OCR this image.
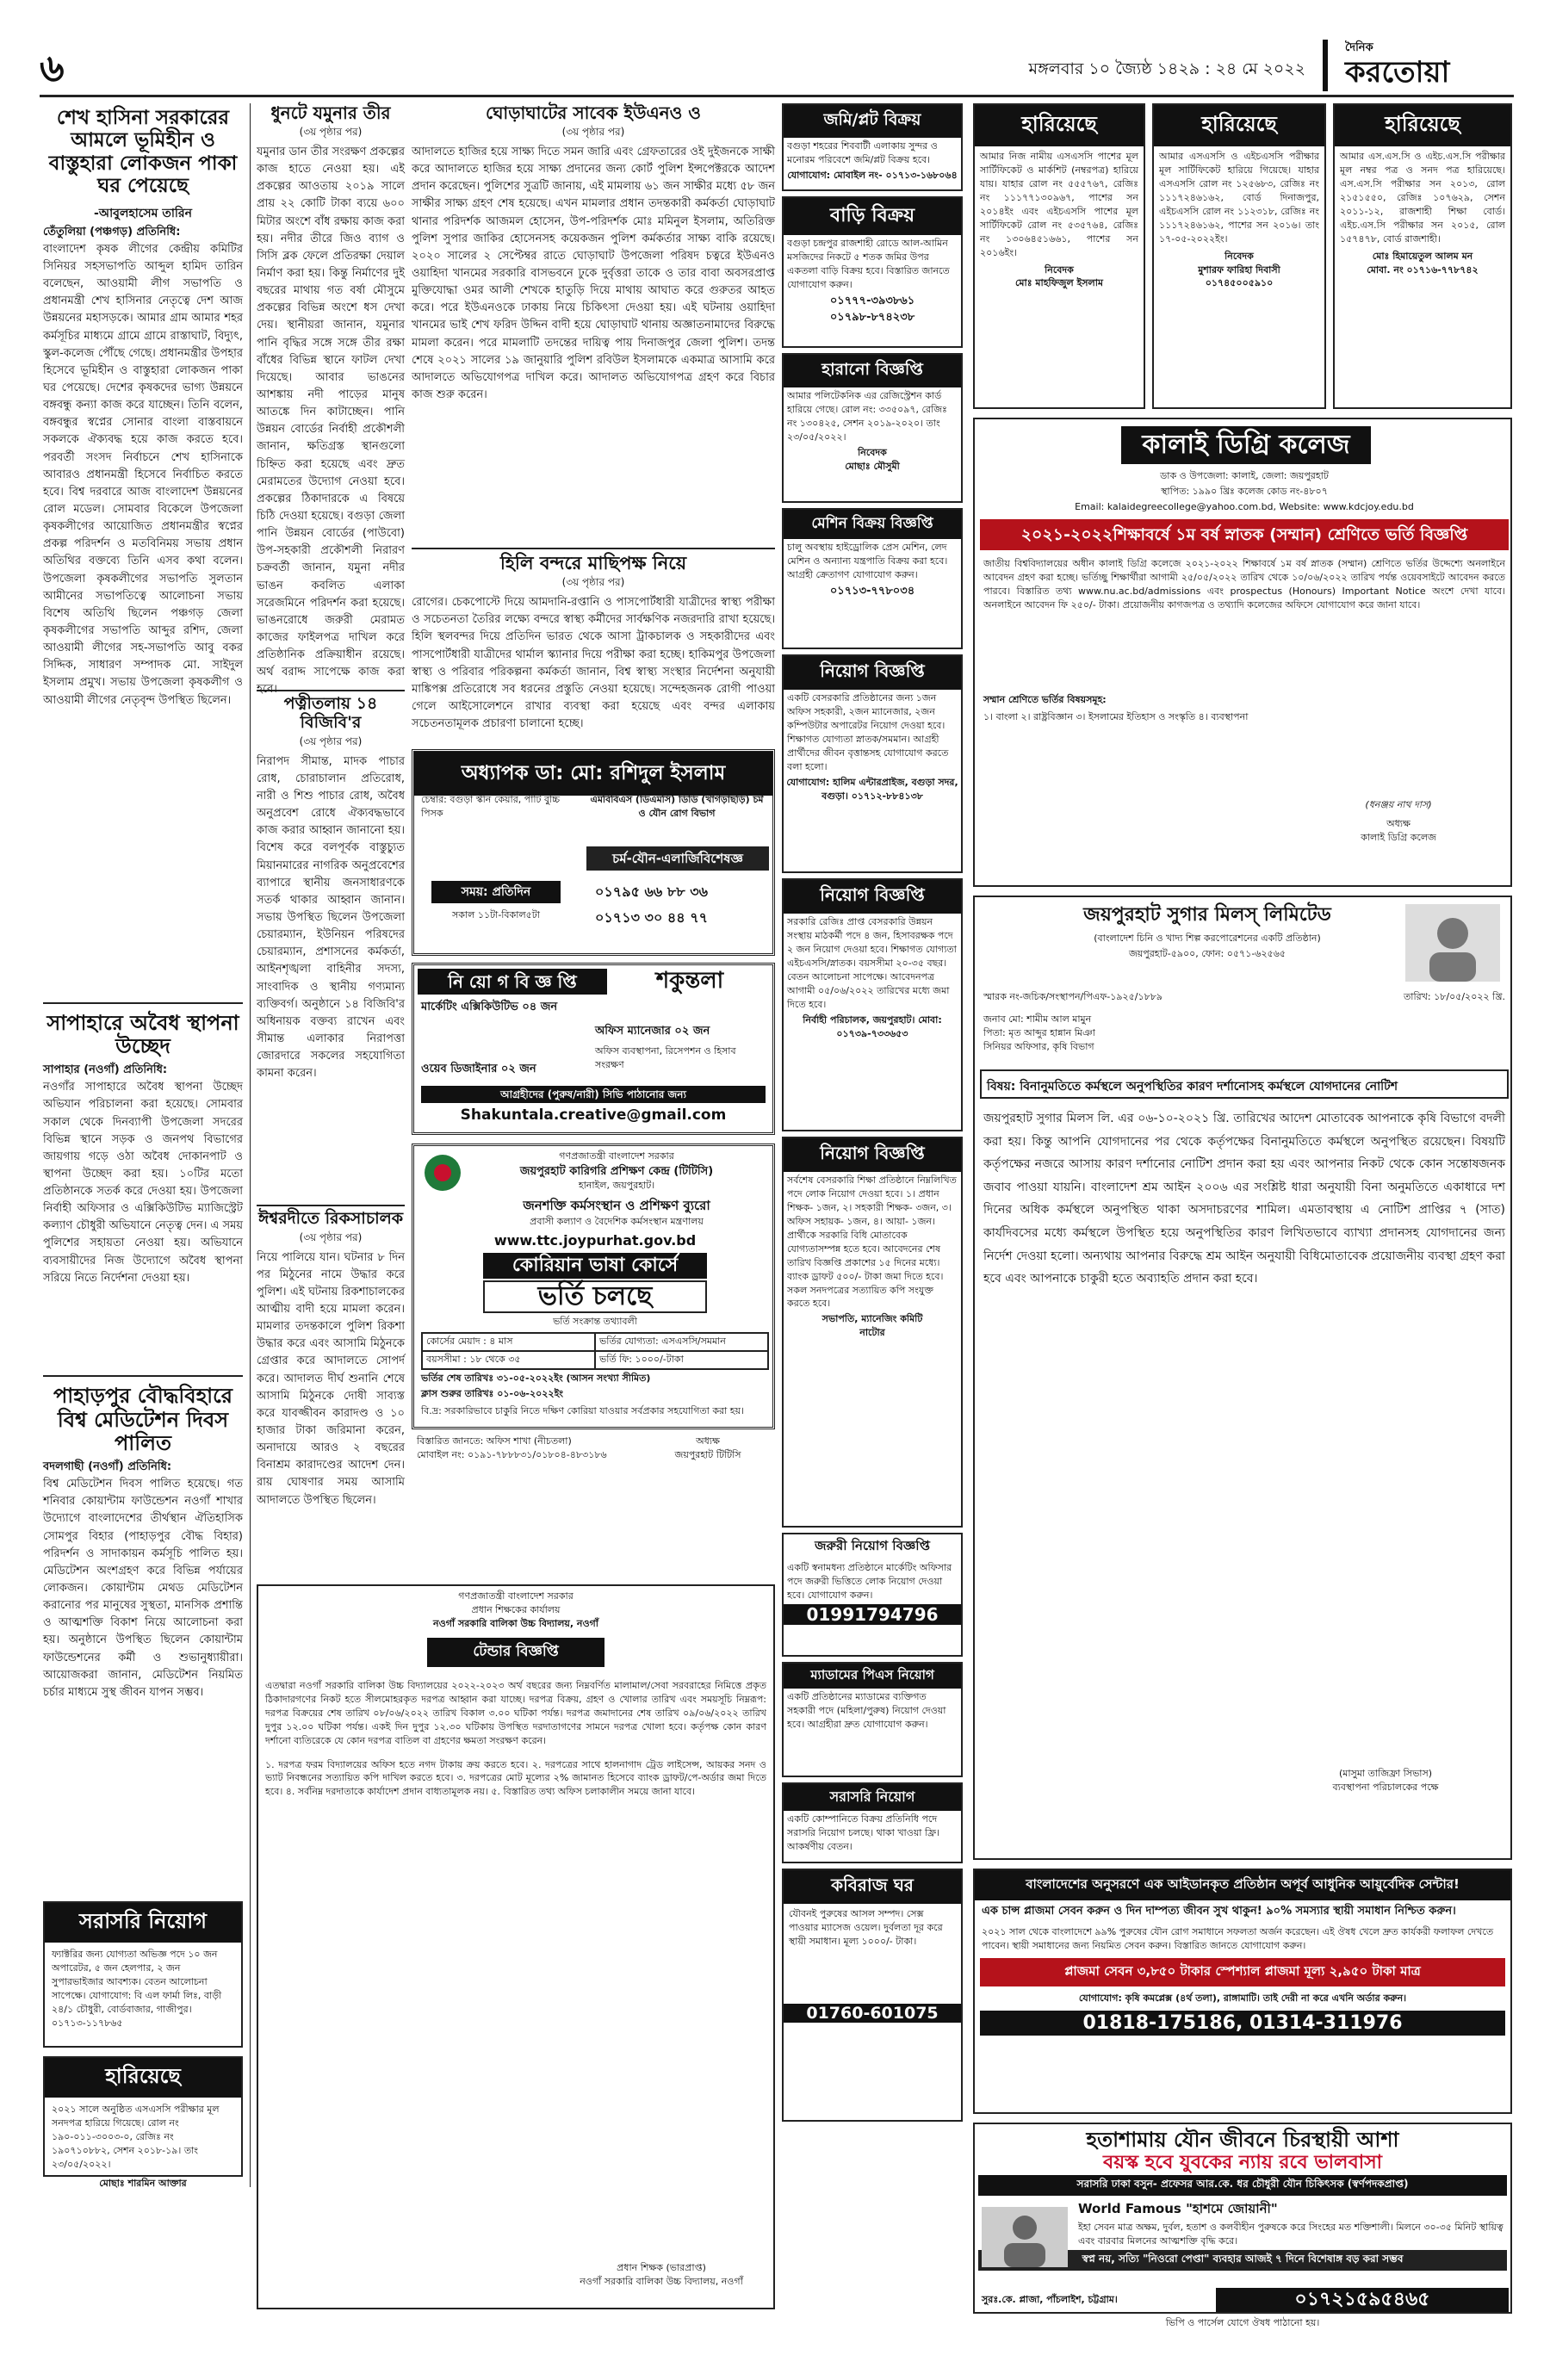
৬	মঙ্গলবার ১০ জ্যৈষ্ঠ ১৪২৯ : ২৪ মে ২০২২
দৈনিক
করতোয়া
শেখ হাসিনা সরকারের আমলে ভূমিহীন ও বাস্তুহারা লোকজন পাকা ঘর পেয়েছে
-আবুলহাসেম তারিন
তেঁতুলিয়া (পঞ্চগড়) প্রতিনিধি:
বাংলাদেশ কৃষক লীগের কেন্দ্রীয় কমিটির সিনিয়র সহসভাপতি আব্দুল হামিদ তারিন বলেছেন, আওয়ামী লীগ সভাপতি ও প্রধানমন্ত্রী শেখ হাসিনার নেতৃত্বে দেশ আজ উন্নয়নের মহাসড়কে। আমার গ্রাম আমার শহর কর্মসূচির মাধ্যমে গ্রামে গ্রামে রাস্তাঘাট, বিদ্যুৎ, স্কুল-কলেজ পৌঁছে গেছে। প্রধানমন্ত্রীর উপহার হিসেবে ভূমিহীন ও বাস্তুহারা লোকজন পাকা ঘর পেয়েছে। দেশের কৃষকদের ভাগ্য উন্নয়নে বঙ্গবন্ধু কন্যা কাজ করে যাচ্ছেন। তিনি বলেন, বঙ্গবন্ধুর স্বপ্নের সোনার বাংলা বাস্তবায়নে সকলকে ঐক্যবদ্ধ হয়ে কাজ করতে হবে। পরবর্তী সংসদ নির্বাচনে শেখ হাসিনাকে আবারও প্রধানমন্ত্রী হিসেবে নির্বাচিত করতে হবে। বিশ্ব দরবারে আজ বাংলাদেশ উন্নয়নের রোল মডেল। সোমবার বিকেলে উপজেলা কৃষকলীগের আয়োজিত প্রধানমন্ত্রীর স্বপ্নের প্রকল্প পরিদর্শন ও মতবিনিময় সভায় প্রধান অতিথির বক্তব্যে তিনি এসব কথা বলেন। উপজেলা কৃষকলীগের সভাপতি সুলতান আমীনের সভাপতিত্বে আলোচনা সভায় বিশেষ অতিথি ছিলেন পঞ্চগড় জেলা কৃষকলীগের সভাপতি আব্দুর রশিদ, জেলা আওয়ামী লীগের সহ-সভাপতি আবু বকর সিদ্দিক, সাধারণ সম্পাদক মো. সাইদুল ইসলাম প্রমুখ। সভায় উপজেলা কৃষকলীগ ও আওয়ামী লীগের নেতৃবৃন্দ উপস্থিত ছিলেন।
সাপাহারে অবৈধ স্থাপনা উচ্ছেদ
সাপাহার (নওগাঁ) প্রতিনিধি:
নওগাঁর সাপাহারে অবৈধ স্থাপনা উচ্ছেদ অভিযান পরিচালনা করা হয়েছে। সোমবার সকাল থেকে দিনব্যাপী উপজেলা সদরের বিভিন্ন স্থানে সড়ক ও জনপথ বিভাগের জায়গায় গড়ে ওঠা অবৈধ দোকানপাট ও স্থাপনা উচ্ছেদ করা হয়। ১০টির মতো প্রতিষ্ঠানকে সতর্ক করে দেওয়া হয়। উপজেলা নির্বাহী অফিসার ও এক্সিকিউটিভ ম্যাজিস্ট্রেট কল্যাণ চৌধুরী অভিযানে নেতৃত্ব দেন। এ সময় পুলিশের সহায়তা নেওয়া হয়। অভিযানে ব্যবসায়ীদের নিজ উদ্যোগে অবৈধ স্থাপনা সরিয়ে নিতে নির্দেশনা দেওয়া হয়।
পাহাড়পুর বৌদ্ধবিহারে বিশ্ব মেডিটেশন দিবস পালিত
বদলগাছী (নওগাঁ) প্রতিনিধি:
বিশ্ব মেডিটেশন দিবস পালিত হয়েছে। গত শনিবার কোয়ান্টাম ফাউন্ডেশন নওগাঁ শাখার উদ্যোগে বাংলাদেশের তীর্থস্থান ঐতিহাসিক সোমপুর বিহার (পাহাড়পুর বৌদ্ধ বিহার) পরিদর্শন ও সাদাকায়ন কর্মসূচি পালিত হয়। মেডিটেশন অংশগ্রহণ করে বিভিন্ন পর্যায়ের লোকজন। কোয়ান্টাম মেথড মেডিটেশন করানোর পর মানুষের সুস্থতা, মানসিক প্রশান্তি ও আত্মশক্তি বিকাশ নিয়ে আলোচনা করা হয়। অনুষ্ঠানে উপস্থিত ছিলেন কোয়ান্টাম ফাউন্ডেশনের কর্মী ও শুভানুধ্যায়ীরা। আয়োজকরা জানান, মেডিটেশন নিয়মিত চর্চার মাধ্যমে সুস্থ জীবন যাপন সম্ভব।
সরাসরি নিয়োগ
ফ্যাক্টরির জন্য যোগ্যতা অভিজ্ঞ পদে ১০ জন অপারেটর, ৫ জন হেলপার, ২ জন সুপারভাইজার আবশ্যক। বেতন আলোচনা সাপেক্ষে। যোগাযোগ: বি এল ফার্মা লিঃ, বাড়ী ২৪/১ চৌধুরী, বোর্ডবাজার, গাজীপুর। ০১৭১৩-১১৭৮৬৫
হারিয়েছে
২০২১ সালে অনুষ্ঠিত এসএসসি পরীক্ষার মূল সনদপত্র হারিয়ে গিয়েছে। রোল নং ১৯০-০১১-৩০০৩-০, রেজিঃ নং ১৯০৭১০৮৮২, সেশন ২০১৮-১৯। তাং ২৩/০৫/২০২২।
মোছাঃ শারমিন আক্তার
ধুনটে যমুনার তীর
(৩য় পৃষ্ঠার পর)
যমুনার ডান তীর সংরক্ষণ প্রকল্পের কাজ হাতে নেওয়া হয়। এই প্রকল্পের আওতায় ২০১৯ সালে প্রায় ২২ কোটি টাকা ব্যয়ে ৬০০ মিটার অংশে বাঁধ রক্ষায় কাজ করা হয়। নদীর তীরে জিও ব্যাগ ও সিসি ব্লক ফেলে প্রতিরক্ষা দেয়াল নির্মাণ করা হয়। কিন্তু নির্মাণের দুই বছরের মাথায় গত বর্ষা মৌসুমে প্রকল্পের বিভিন্ন অংশে ধস দেখা দেয়। স্থানীয়রা জানান, যমুনার পানি বৃদ্ধির সঙ্গে সঙ্গে তীর রক্ষা বাঁধের বিভিন্ন স্থানে ফাটল দেখা দিয়েছে। আবার ভাঙনের আশঙ্কায় নদী পাড়ের মানুষ আতঙ্কে দিন কাটাচ্ছেন। পানি উন্নয়ন বোর্ডের নির্বাহী প্রকৌশলী জানান, ক্ষতিগ্রস্ত স্থানগুলো চিহ্নিত করা হয়েছে এবং দ্রুত মেরামতের উদ্যোগ নেওয়া হবে। প্রকল্পের ঠিকাদারকে এ বিষয়ে চিঠি দেওয়া হয়েছে। বগুড়া জেলা পানি উন্নয়ন বোর্ডের (পাউবো) উপ-সহকারী প্রকৌশলী নিরারণ চক্রবর্তী জানান, যমুনা নদীর ভাঙন কবলিত এলাকা সরেজমিনে পরিদর্শন করা হয়েছে। ভাঙনরোধে জরুরী মেরামত কাজের ফাইলপত্র দাখিল করে প্রতিষ্ঠানিক প্রক্রিয়াধীন রয়েছে। অর্থ বরাদ্দ সাপেক্ষে কাজ করা হবে।
পত্নীতলায় ১৪ বিজিবি'র
(৩য় পৃষ্ঠার পর)
নিরাপদ সীমান্ত, মাদক পাচার রোধ, চোরাচালান প্রতিরোধ, নারী ও শিশু পাচার রোধ, অবৈধ অনুপ্রবেশ রোধে ঐক্যবদ্ধভাবে কাজ করার আহ্বান জানানো হয়। বিশেষ করে বলপূর্বক বাস্তুচ্যুত মিয়ানমারের নাগরিক অনুপ্রবেশের ব্যাপারে স্থানীয় জনসাধারণকে সতর্ক থাকার আহ্বান জানান। সভায় উপস্থিত ছিলেন উপজেলা চেয়ারম্যান, ইউনিয়ন পরিষদের চেয়ারম্যান, প্রশাসনের কর্মকর্তা, আইনশৃঙ্খলা বাহিনীর সদস্য, সাংবাদিক ও স্থানীয় গণ্যমান্য ব্যক্তিবর্গ। অনুষ্ঠানে ১৪ বিজিবি'র অধিনায়ক বক্তব্য রাখেন এবং সীমান্ত এলাকার নিরাপত্তা জোরদারে সকলের সহযোগিতা কামনা করেন।
ঈশ্বরদীতে রিকসাচালক
(৩য় পৃষ্ঠার পর)
নিয়ে পালিয়ে যান। ঘটনার ৮ দিন পর মিঠুনের নামে উদ্ধার করে পুলিশ। এই ঘটনায় রিকশাচালকের আত্মীয় বাদী হয়ে মামলা করেন। মামলার তদন্তকালে পুলিশ রিকশা উদ্ধার করে এবং আসামি মিঠুনকে গ্রেপ্তার করে আদালতে সোপর্দ করে। আদালত দীর্ঘ শুনানি শেষে আসামি মিঠুনকে দোষী সাব্যস্ত করে যাবজ্জীবন কারাদণ্ড ও ১০ হাজার টাকা জরিমানা করেন, অনাদায়ে আরও ২ বছরের বিনাশ্রম কারাদণ্ডের আদেশ দেন। রায় ঘোষণার সময় আসামি আদালতে উপস্থিত ছিলেন।
ঘোড়াঘাটের সাবেক ইউএনও ও
(৩য় পৃষ্ঠার পর)
আদালতে হাজির হয়ে সাক্ষ্য দিতে সমন জারি এবং গ্রেফতারের ওই দুইজনকে সাক্ষী করে আদালতে হাজির হয়ে সাক্ষ্য প্রদানের জন্য কোর্ট পুলিশ ইন্সপেক্টরকে আদেশ প্রদান করেছেন। পুলিশের সুত্রটি জানায়, এই মামলায় ৬১ জন সাক্ষীর মধ্যে ৫৮ জন সাক্ষীর সাক্ষ্য গ্রহণ শেষ হয়েছে। এখন মামলার প্রধান তদন্তকারী কর্মকর্তা ঘোড়াঘাট থানার পরিদর্শক আজমল হোসেন, উপ-পরিদর্শক মোঃ মমিনুল ইসলাম, অতিরিক্ত পুলিশ সুপার জাকির হোসেনসহ কয়েকজন পুলিশ কর্মকর্তার সাক্ষ্য বাকি রয়েছে। ২০২০ সালের ২ সেপ্টেম্বর রাতে ঘোড়াঘাট উপজেলা পরিষদ চত্বরে ইউএনও ওয়াহিদা খানমের সরকারি বাসভবনে ঢুকে দুর্বৃত্তরা তাকে ও তার বাবা অবসরপ্রাপ্ত মুক্তিযোদ্ধা ওমর আলী শেখকে হাতুড়ি দিয়ে মাথায় আঘাত করে গুরুতর আহত করে। পরে ইউএনওকে ঢাকায় নিয়ে চিকিৎসা দেওয়া হয়। এই ঘটনায় ওয়াহিদা খানমের ভাই শেখ ফরিদ উদ্দিন বাদী হয়ে ঘোড়াঘাট থানায় অজ্ঞাতনামাদের বিরুদ্ধে মামলা করেন। পরে মামলাটি তদন্তের দায়িত্ব পায় দিনাজপুর জেলা পুলিশ। তদন্ত শেষে ২০২১ সালের ১৯ জানুয়ারি পুলিশ রবিউল ইসলামকে একমাত্র আসামি করে আদালতে অভিযোগপত্র দাখিল করে। আদালত অভিযোগপত্র গ্রহণ করে বিচার কাজ শুরু করেন।
হিলি বন্দরে মাছিপক্ষ নিয়ে
(৩য় পৃষ্ঠার পর)
রোগের। চেকপোস্টে দিয়ে আমদানি-রপ্তানি ও পাসপোর্টধারী যাত্রীদের স্বাস্থ্য পরীক্ষা ও সচেতনতা তৈরির লক্ষ্যে বন্দরে স্বাস্থ্য কর্মীদের সার্বক্ষণিক নজরদারি রাখা হয়েছে। হিলি স্থলবন্দর দিয়ে প্রতিদিন ভারত থেকে আসা ট্রাকচালক ও সহকারীদের এবং পাসপোর্টধারী যাত্রীদের থার্মাল স্ক্যানার দিয়ে পরীক্ষা করা হচ্ছে। হাকিমপুর উপজেলা স্বাস্থ্য ও পরিবার পরিকল্পনা কর্মকর্তা জানান, বিশ্ব স্বাস্থ্য সংস্থার নির্দেশনা অনুযায়ী মাঙ্কিপক্স প্রতিরোধে সব ধরনের প্রস্তুতি নেওয়া হয়েছে। সন্দেহজনক রোগী পাওয়া গেলে আইসোলেশনে রাখার ব্যবস্থা করা হয়েছে এবং বন্দর এলাকায় সচেতনতামূলক প্রচারণা চালানো হচ্ছে।
অধ্যাপক ডা: মো: রশিদুল ইসলাম
এমবিবিএস (ডিএমসি) ডিডি (খাগড়াছড়ি) চর্ম ও যৌন রোগ বিভাগ
চেম্বার: বগুড়া স্কীন কেয়ার, পাটি বুচ্চি পিসক
চর্ম-যৌন-এলার্জিবিশেষজ্ঞ
সময়: প্রতিদিন
সকাল ১১টা-বিকাল৫টা
০১৭৯৫ ৬৬ ৮৮ ৩৬
০১৭১৩ ৩০ ৪৪ ৭৭
নি য়ো গ বি জ্ঞ প্তি	শকুন্তলা
মার্কেটিং এক্সিকিউটিভ ০৪ জন
অফিস ম্যানেজার ০২ জন
ওয়েব ডিজাইনার ০২ জন
অফিস ব্যবস্থাপনা, রিসেপশন ও হিসাব সংরক্ষণ
আগ্রহীদের (পুরুষ/নারী) সিভি পাঠানোর জন্য
Shakuntala.creative@gmail.com
গণপ্রজাতন্ত্রী বাংলাদেশ সরকার
জয়পুরহাট কারিগরি প্রশিক্ষণ কেন্দ্র (টিটিসি)
হানাইল, জয়পুরহাট।
জনশক্তি কর্মসংস্থান ও প্রশিক্ষণ ব্যুরো
প্রবাসী কল্যাণ ও বৈদেশিক কর্মসংস্থান মন্ত্রণালয়
www.ttc.joypurhat.gov.bd
কোরিয়ান ভাষা কোর্সে
ভর্তি চলছে
ভর্তি সংক্রান্ত তথ্যাবলী
কোর্সের মেয়াদ : ৪ মাস	ভর্তির যোগ্যতা: এসএসসি/সমমান
বয়সসীমা : ১৮ থেকে ৩৫	ভর্তি ফি: ১০০০/-টাকা
ভর্তির শেষ তারিখঃ ৩১-০৫-২০২২ইং (আসন সংখ্যা সীমিত)
ক্লাস শুরুর তারিখঃ ০১-০৬-২০২২ইং
বি.দ্র: সরকারিভাবে চাকুরি নিতে দক্ষিণ কোরিয়া যাওয়ার সর্বপ্রকার সহযোগিতা করা হয়।
বিস্তারিত জানতে: অফিস শাখা (নীচতলা)
মোবাইল নং: ০১৯১-৭৮৮৮৩১/০১৮০৪-৪৮৩১৮৬
অধ্যক্ষ
জয়পুরহাট টিটিসি
গণপ্রজাতন্ত্রী বাংলাদেশ সরকার
প্রধান শিক্ষকের কার্যালয়
নওগাঁ সরকারি বালিকা উচ্চ বিদ্যালয়, নওগাঁ
টেন্ডার বিজ্ঞপ্তি
এতদ্বারা নওগাঁ সরকারি বালিকা উচ্চ বিদ্যালয়ের ২০২২-২০২৩ অর্থ বছরের জন্য নিম্নবর্ণিত মালামাল/সেবা সরবরাহের নিমিত্তে প্রকৃত ঠিকাদারগণের নিকট হতে সীলমোহরকৃত দরপত্র আহ্বান করা যাচ্ছে। দরপত্র বিক্রয়, গ্রহণ ও খোলার তারিখ এবং সময়সূচি নিম্নরূপ: দরপত্র বিক্রয়ের শেষ তারিখ ০৮/০৬/২০২২ তারিখ বিকাল ৩.০০ ঘটিকা পর্যন্ত। দরপত্র জমাদানের শেষ তারিখ ০৯/০৬/২০২২ তারিখ দুপুর ১২.০০ ঘটিকা পর্যন্ত। একই দিন দুপুর ১২.৩০ ঘটিকায় উপস্থিত দরদাতাগণের সামনে দরপত্র খোলা হবে। কর্তৃপক্ষ কোন কারণ দর্শানো ব্যতিরেকে যে কোন দরপত্র বাতিল বা গ্রহণের ক্ষমতা সংরক্ষণ করেন।
১. দরপত্র ফরম বিদ্যালয়ের অফিস হতে নগদ টাকায় ক্রয় করতে হবে। ২. দরপত্রের সাথে হালনাগাদ ট্রেড লাইসেন্স, আয়কর সনদ ও ভ্যাট নিবন্ধনের সত্যায়িত কপি দাখিল করতে হবে। ৩. দরপত্রের মোট মূল্যের ২% জামানত হিসেবে ব্যাংক ড্রাফট/পে-অর্ডার জমা দিতে হবে। ৪. সর্বনিম্ন দরদাতাকে কার্যাদেশ প্রদান বাধ্যতামূলক নয়। ৫. বিস্তারিত তথ্য অফিস চলাকালীন সময়ে জানা যাবে।
প্রধান শিক্ষক (ভারপ্রাপ্ত)
নওগাঁ সরকারি বালিকা উচ্চ বিদ্যালয়, নওগাঁ
জমি/প্লট বিক্রয়
বগুড়া শহরের শিববাটী এলাকায় সুন্দর ও মনোরম পরিবেশে জমি/প্লট বিক্রয় হবে।
যোগাযোগ: মোবাইল নং- ০১৭১৩-১৬৮০৬৪
বাড়ি বিক্রয়
বগুড়া চন্দ্রপুর রাজশাহী রোডে আল-আমিন মসজিদের নিকটে ৫ শতক জমির উপর একতলা বাড়ি বিক্রয় হবে। বিস্তারিত জানতে যোগাযোগ করুন।
০১৭৭৭-৩৯৩৮৬১
০১৭৯৮-৮৭৪২৩৮
হারানো বিজ্ঞপ্তি
আমার পলিটেকনিক এর রেজিস্ট্রেশন কার্ড হারিয়ে গেছে। রোল নং: ৩৩৫০৯৭, রেজিঃ নং ১৩০৪২৫, সেশন ২০১৯-২০২০। তাং ২৩/০৫/২০২২।
নিবেদক
মোছাঃ মৌসুমী
মেশিন বিক্রয় বিজ্ঞপ্তি
চালু অবস্থায় হাইড্রোলিক প্রেস মেশিন, লেদ মেশিন ও অন্যান্য যন্ত্রপাতি বিক্রয় করা হবে। আগ্রহী ক্রেতাগণ যোগাযোগ করুন।
০১৭১৩-৭৭৮০৩৪
নিয়োগ বিজ্ঞপ্তি
একটি বেসরকারি প্রতিষ্ঠানের জন্য ১জন অফিস সহকারী, ২জন ম্যানেজার, ২জন কম্পিউটার অপারেটর নিয়োগ দেওয়া হবে। শিক্ষাগত যোগ্যতা স্নাতক/সমমান। আগ্রহী প্রার্থীদের জীবন বৃত্তান্তসহ যোগাযোগ করতে বলা হলো।
যোগাযোগ: হালিম এন্টারপ্রাইজ, বগুড়া সদর, বগুড়া। ০১৭১২-৮৮৪১৩৮
নিয়োগ বিজ্ঞপ্তি
সরকারি রেজিঃ প্রাপ্ত বেসরকারি উন্নয়ন সংস্থায় মাঠকর্মী পদে ৪ জন, হিসাবরক্ষক পদে ২ জন নিয়োগ দেওয়া হবে। শিক্ষাগত যোগ্যতা এইচএসসি/স্নাতক। বয়সসীমা ২০-৩৫ বছর। বেতন আলোচনা সাপেক্ষে। আবেদনপত্র আগামী ০৫/০৬/২০২২ তারিখের মধ্যে জমা দিতে হবে।
নির্বাহী পরিচালক, জয়পুরহাট। মোবা: ০১৭৩৯-৭৩৩৬৫৩
নিয়োগ বিজ্ঞপ্তি
সর্বশেষ বেসরকারি শিক্ষা প্রতিষ্ঠানে নিম্নলিখিত পদে লোক নিয়োগ দেওয়া হবে। ১। প্রধান শিক্ষক- ১জন, ২। সহকারী শিক্ষক- ৩জন, ৩। অফিস সহায়ক- ১জন, ৪। আয়া- ১জন। প্রার্থীকে সরকারি বিধি মোতাবেক যোগ্যতাসম্পন্ন হতে হবে। আবেদনের শেষ তারিখ বিজ্ঞপ্তি প্রকাশের ১৫ দিনের মধ্যে। ব্যাংক ড্রাফট ৫০০/- টাকা জমা দিতে হবে। সকল সনদপত্রের সত্যায়িত কপি সংযুক্ত করতে হবে।
সভাপতি, ম্যানেজিং কমিটি
নাটোর
জরুরী নিয়োগ বিজ্ঞপ্তি
একটি স্বনামধন্য প্রতিষ্ঠানে মার্কেটিং অফিসার পদে জরুরী ভিত্তিতে লোক নিয়োগ দেওয়া হবে। যোগাযোগ করুন।
01991794796
ম্যাডামের পিএস নিয়োগ
একটি প্রতিষ্ঠানের ম্যাডামের ব্যক্তিগত সহকারী পদে (মহিলা/পুরুষ) নিয়োগ দেওয়া হবে। আগ্রহীরা দ্রুত যোগাযোগ করুন।
সরাসরি নিয়োগ
একটি কোম্পানিতে বিক্রয় প্রতিনিধি পদে সরাসরি নিয়োগ চলছে। থাকা খাওয়া ফ্রি। আকর্ষণীয় বেতন।
কবিরাজ ঘর
যৌবনই পুরুষের আসল সম্পদ। সেক্স পাওয়ার ম্যাসেজ ওয়েল। দুর্বলতা দূর করে স্থায়ী সমাধান। মূল্য ১০০০/- টাকা।
01760-601075
হারিয়েছে
আমার নিজ নামীয় এসএসসি পাশের মূল সার্টিফিকেট ও মার্কশিট (নম্বরপত্র) হারিয়ে যায়। যাহার রোল নং ৫৫৫৭৬৭, রেজিঃ নং ১১১৭৭১৩০৯৬৭, পাশের সন ২০১৪ইং এবং এইচএসসি পাশের মূল সার্টিফিকেট রোল নং ৫৩৫৭৬৪, রেজিঃ নং ১৩০৬৪৫১৬৬১, পাশের সন ২০১৬ইং।
নিবেদক
মোঃ মাহফিজুল ইসলাম
হারিয়েছে
আমার এসএসসি ও এইচএসসি পরীক্ষার মূল সার্টিফিকেট হারিয়ে গিয়েছে। যাহার এসএসসি রোল নং ১২৫৬৮৩, রেজিঃ নং ১১১৭২৪৬১৬২, বোর্ড দিনাজপুর, এইচএসসি রোল নং ১১২৩১৮, রেজিঃ নং ১১১৭২৪৬১৬২, পাশের সন ২০১৬। তাং ১৭-০৫-২০২২ইং।
নিবেদক
মুশারফ ফারিহা দিবাসী
০১৭৪৫০০৫৯১০
হারিয়েছে
আমার এস.এস.সি ও এইচ.এস.সি পরীক্ষার মূল নম্বর পত্র ও সনদ পত্র হারিয়েছে। এস.এস.সি পরীক্ষার সন ২০১৩, রোল ২১৫১৫৫০, রেজিঃ ১০৭৬২৯, সেশন ২০১১-১২, রাজশাহী শিক্ষা বোর্ড। এইচ.এস.সি পরীক্ষার সন ২০১৫, রোল ১৫৭৪৭৮, বোর্ড রাজশাহী।
মোঃ হিমায়েতুল আলম মন
মোবা. নং ০১৭১৬-৭৭৮৭৪২
কালাই ডিগ্রি কলেজ
ডাক ও উপজেলা: কালাই, জেলা: জয়পুরহাট
স্থাপিত: ১৯৯০ খ্রিঃ কলেজ কোড নং-৪৮০৭
Email: kalaidegreecollege@yahoo.com.bd, Website: www.kdcjoy.edu.bd
২০২১-২০২২শিক্ষাবর্ষে ১ম বর্ষ স্নাতক (সম্মান) শ্রেণিতে ভর্তি বিজ্ঞপ্তি
জাতীয় বিশ্ববিদ্যালয়ের অধীন কালাই ডিগ্রি কলেজে ২০২১-২০২২ শিক্ষাবর্ষে ১ম বর্ষ স্নাতক (সম্মান) শ্রেণিতে ভর্তির উদ্দেশ্যে অনলাইনে আবেদন গ্রহণ করা হচ্ছে। ভর্তিচ্ছু শিক্ষার্থীরা আগামী ২৫/০৫/২০২২ তারিখ থেকে ১০/০৬/২০২২ তারিখ পর্যন্ত ওয়েবসাইটে আবেদন করতে পারবে। বিস্তারিত তথ্য www.nu.ac.bd/admissions এবং prospectus (Honours) Important Notice অংশে দেখা যাবে। অনলাইনে আবেদন ফি ২৫০/- টাকা। প্রয়োজনীয় কাগজপত্র ও তথ্যাদি কলেজের অফিসে যোগাযোগ করে জানা যাবে।
সম্মান শ্রেণিতে ভর্তির বিষয়সমূহ:
১। বাংলা ২। রাষ্ট্রবিজ্ঞান ৩। ইসলামের ইতিহাস ও সংস্কৃতি ৪। ব্যবস্থাপনা
(ধনঞ্জয় নাথ দাস)
অধ্যক্ষ
কালাই ডিগ্রি কলেজ
জয়পুরহাট সুগার মিলস্ লিমিটেড
(বাংলাদেশ চিনি ও খাদ্য শিল্প করপোরেশনের একটি প্রতিষ্ঠান)
জয়পুরহাট-৫৯০০, ফোন: ০৫৭১-৬২৫৬৫
স্মারক নং-জচিক/সংস্থাপন/পিএফ-১৯২৫/১৮৮৯	তারিখ: ১৮/০৫/২০২২ খ্রি.
জনাব মো: শামীম আল মামুন
পিতা: মৃত আব্দুর হান্নান মিঞা
সিনিয়র অফিসার, কৃষি বিভাগ
বিষয়: বিনানুমতিতে কর্মস্থলে অনুপস্থিতির কারণ দর্শানোসহ কর্মস্থলে যোগদানের নোটিশ
জয়পুরহাট সুগার মিলস লি. এর ০৬-১০-২০২১ খ্রি. তারিখের আদেশ মোতাবেক আপনাকে কৃষি বিভাগে বদলী করা হয়। কিন্তু আপনি যোগদানের পর থেকে কর্তৃপক্ষের বিনানুমতিতে কর্মস্থলে অনুপস্থিত রয়েছেন। বিষয়টি কর্তৃপক্ষের নজরে আসায় কারণ দর্শানোর নোটিশ প্রদান করা হয় এবং আপনার নিকট থেকে কোন সন্তোষজনক জবাব পাওয়া যায়নি। বাংলাদেশ শ্রম আইন ২০০৬ এর সংশ্লিষ্ট ধারা অনুযায়ী বিনা অনুমতিতে একাধারে দশ দিনের অধিক কর্মস্থলে অনুপস্থিত থাকা অসদাচরণের শামিল। এমতাবস্থায় এ নোটিশ প্রাপ্তির ৭ (সাত) কার্যদিবসের মধ্যে কর্মস্থলে উপস্থিত হয়ে অনুপস্থিতির কারণ লিখিতভাবে ব্যাখ্যা প্রদানসহ যোগদানের জন্য নির্দেশ দেওয়া হলো। অন্যথায় আপনার বিরুদ্ধে শ্রম আইন অনুযায়ী বিধিমোতাবেক প্রয়োজনীয় ব্যবস্থা গ্রহণ করা হবে এবং আপনাকে চাকুরী হতে অব্যাহতি প্রদান করা হবে।
(মাসুমা তাজিফ্রা সিভাস)
ব্যবস্থাপনা পরিচালকের পক্ষে
বাংলাদেশের অনুসরণে এক আইডানকৃত প্রতিষ্ঠান অপূর্ব আধুনিক আয়ুর্বেদিক সেন্টার!
এক চান্স প্লাজমা সেবন করুন ও দিন দাম্পত্য জীবন সুখ থাকুন! ৯০% সমস্যার স্থায়ী সমাধান নিশ্চিত করুন।
২০২১ সাল থেকে বাংলাদেশে ৯৯% পুরুষের যৌন রোগ সমাধানে সফলতা অর্জন করেছেন। এই ঔষধ খেলে দ্রুত কার্যকরী ফলাফল দেখতে পাবেন। স্থায়ী সমাধানের জন্য নিয়মিত সেবন করুন। বিস্তারিত জানতে যোগাযোগ করুন।
প্লাজমা সেবন ৩,৮৫০ টাকার স্পেশ্যাল প্লাজমা মূল্য ২,৯৫০ টাকা মাত্র
যোগাযোগ: কৃষি কমপ্লেক্স (৪র্থ তলা), রাঙ্গামাটি। তাই দেরী না করে এখনি অর্ডার করুন।
01818-175186, 01314-311976
হতাশামায় যৌন জীবনে চিরস্থায়ী আশা
বয়স্ক হবে যুবকের ন্যায় রবে ভালবাসা
সরাসরি ঢাকা বসুন- প্রফেসর আর.কে. ধর চৌধুরী যৌন চিকিৎসক (স্বর্ণপদকপ্রাপ্ত)
World Famous "হাশমে জোয়ানী"
ইহা সেবন মাত্র অক্ষম, দুর্বল, হতাশ ও কলবীহীন পুরুষকে করে সিংহের মত শক্তিশালী। মিলনে ৩০-৩৫ মিনিট স্থায়িত্ব এবং বারবার মিলনের আত্মশক্তি বৃদ্ধি করে।
স্বপ্ন নয়, সত্যি "নিওরো পেপ্তা" ব্যবহার আজই ৭ দিনে বিশেষাঙ্গ বড় করা সম্ভব
সুরঃ.কে. প্লাজা, পাঁচলাইশ, চট্টগ্রাম।	০১৭২১৫৯৫৪৬৫
ভিপি ও পার্সেল যোগে ঔষধ পাঠানো হয়।
